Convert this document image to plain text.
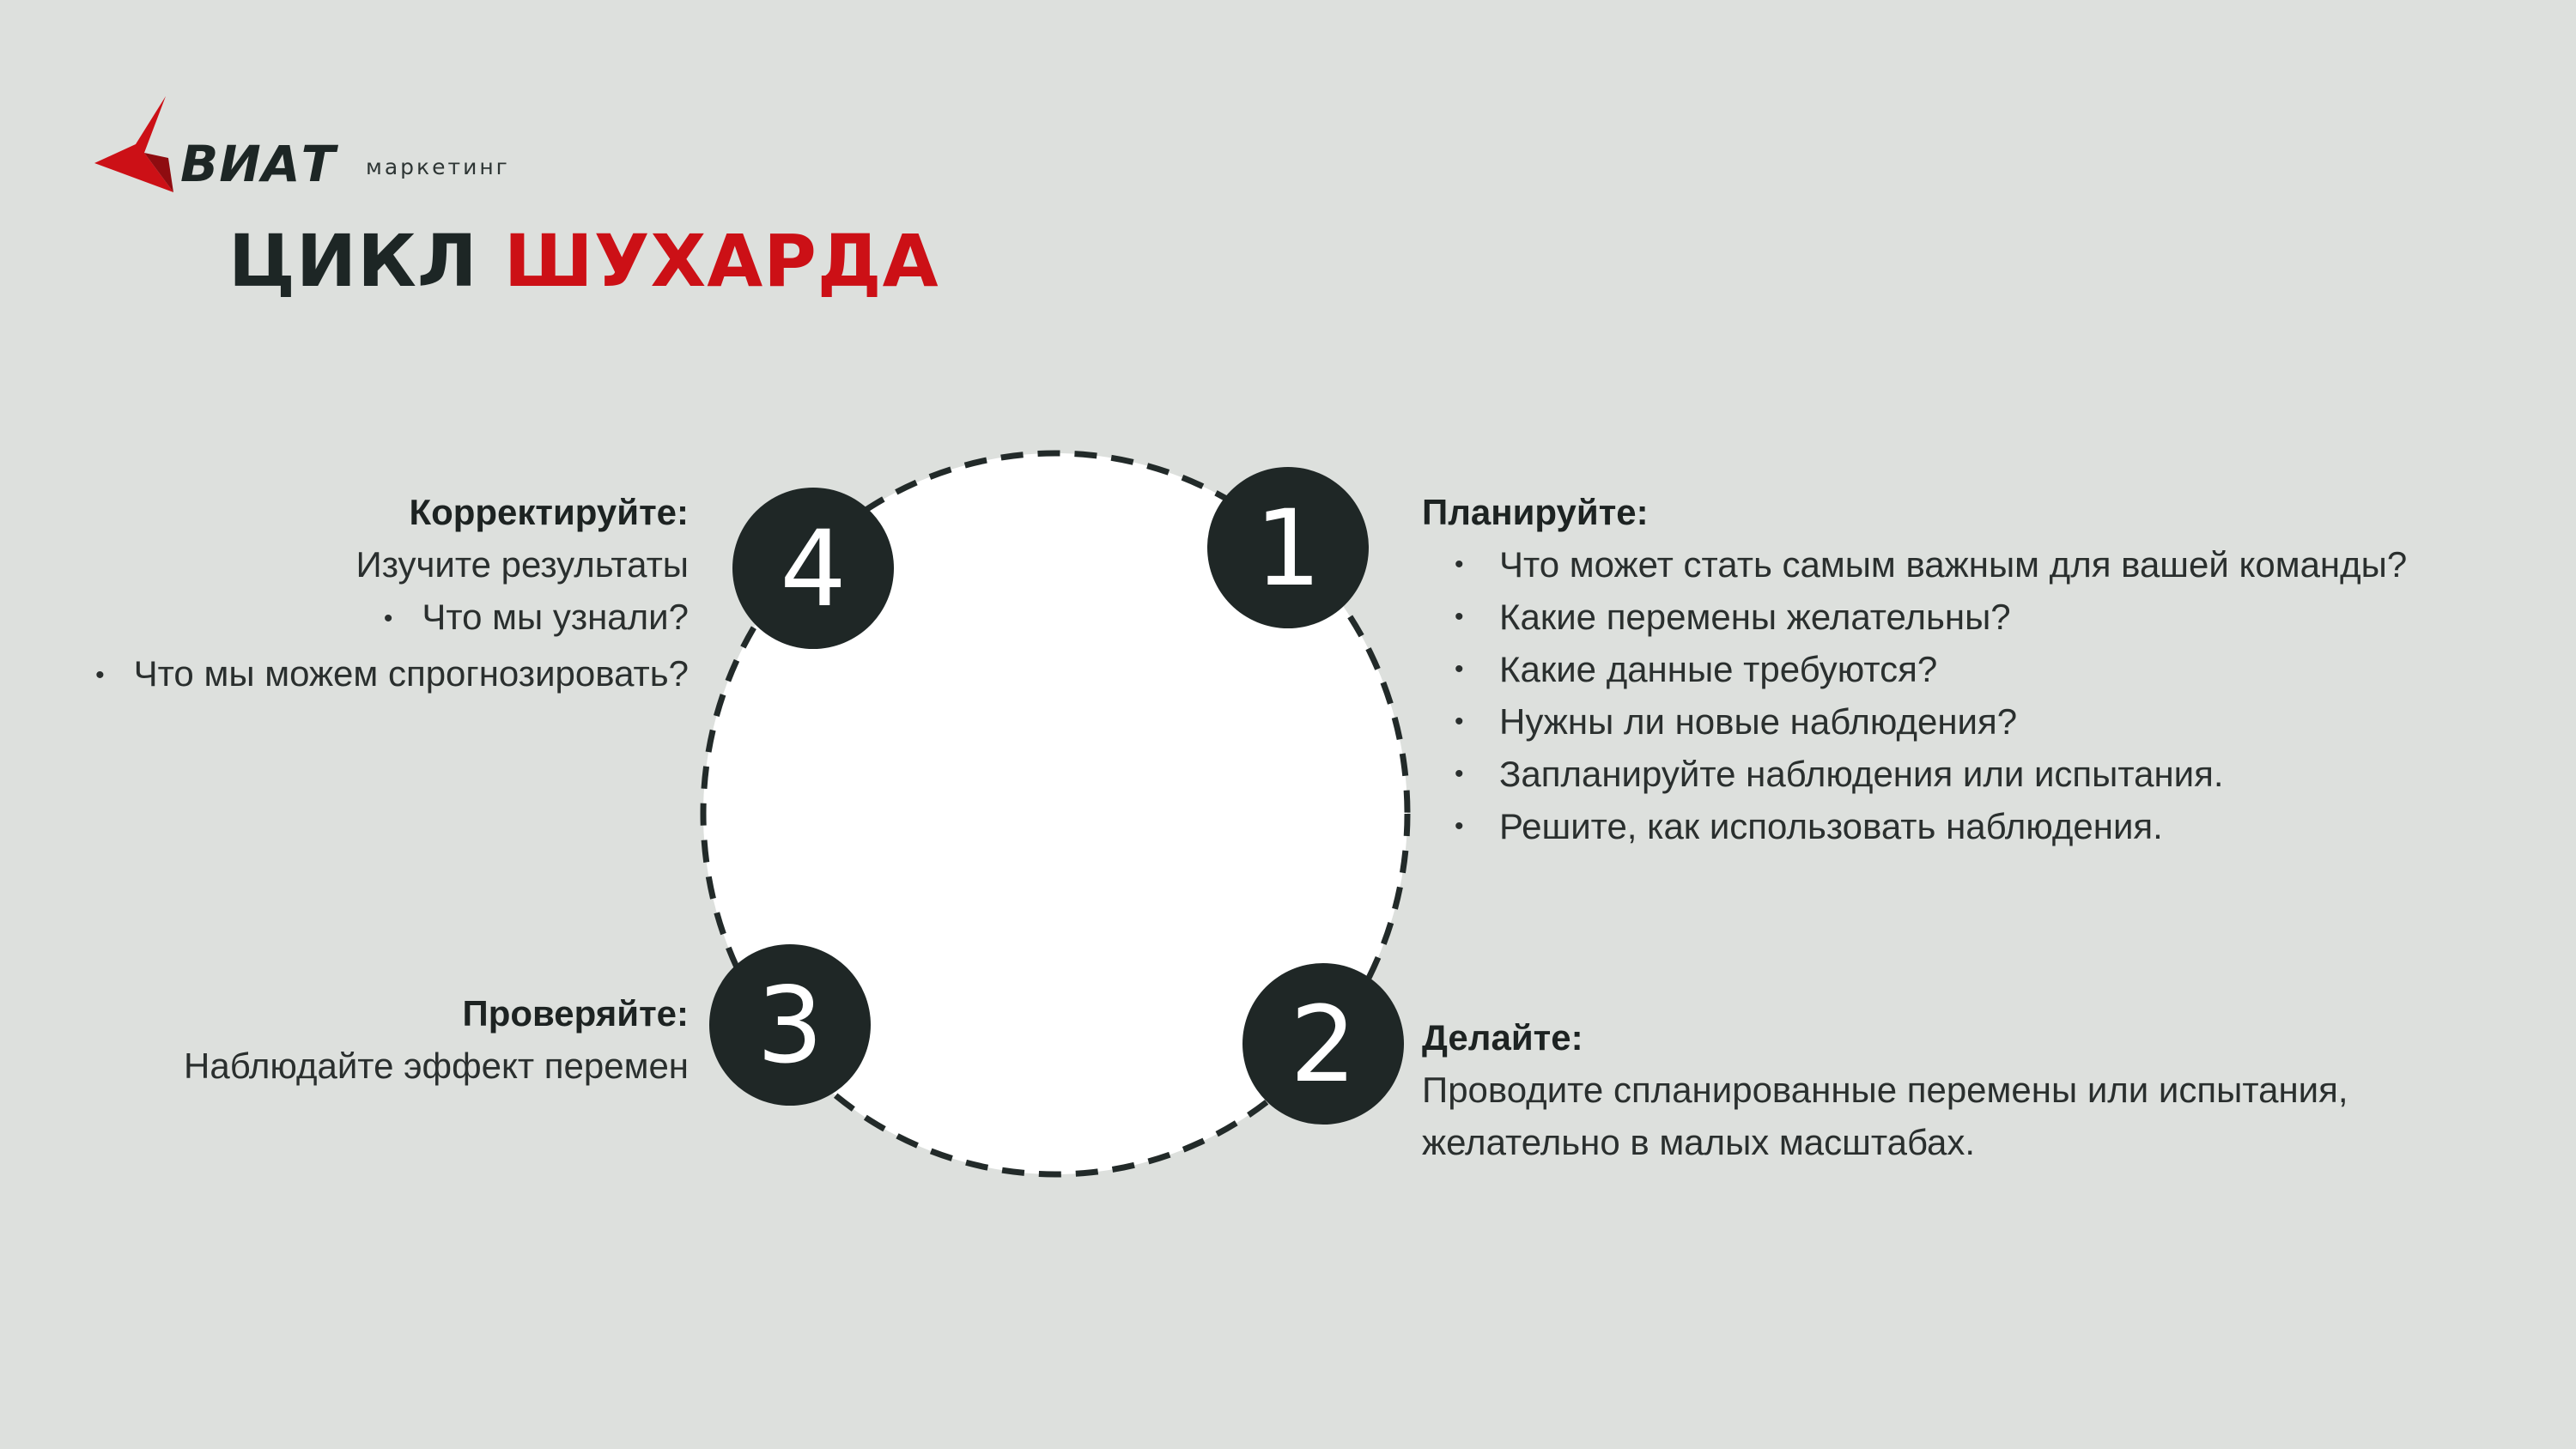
ВИАТ маркетинг
ЦИКЛ ШУХАРДА
1
2
3
4	Планируйте:
• Что может стать самым важным для вашей команды?
• Какие перемены желательны?
• Какие данные требуются?
• Нужны ли новые наблюдения?
• Запланируйте наблюдения или испытания.
• Решите, как использовать наблюдения.
Делайте:
Проводите спланированные перемены или испытания,
желательно в малых масштабах.
Проверяйте:
Наблюдайте эффект перемен
Корректируйте:
Изучите результаты
• Что мы узнали?
• Что мы можем спрогнозировать?
